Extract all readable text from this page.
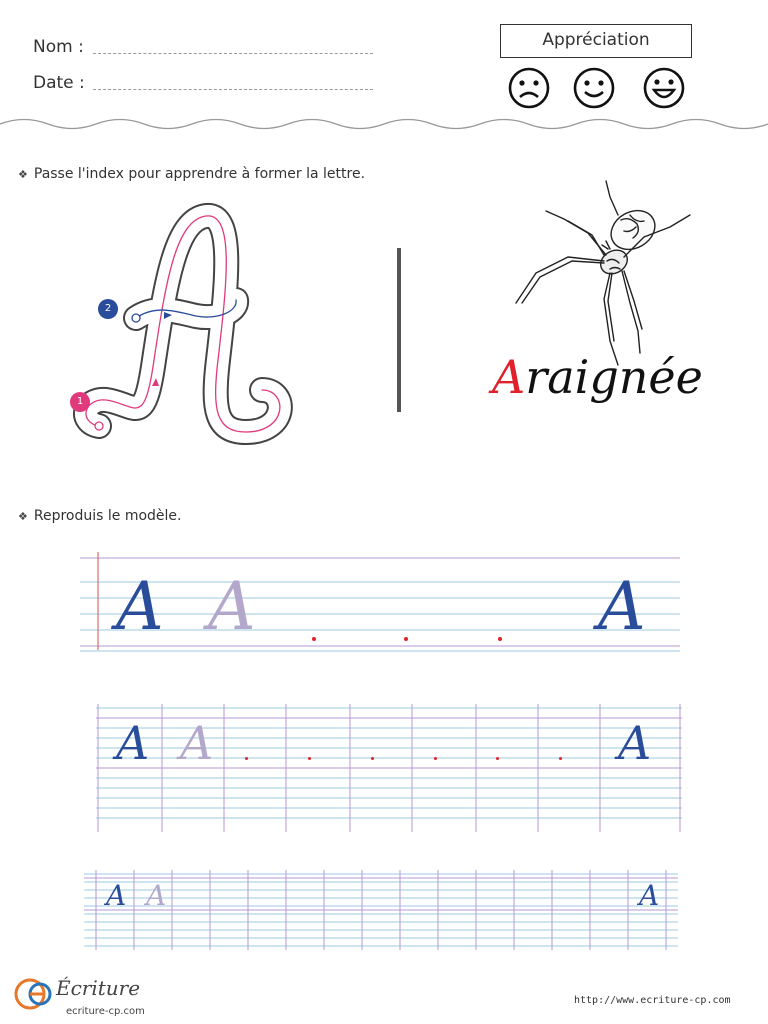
Nom :
Date :
Appréciation
❖ Passe l'index pour apprendre à former la lettre.
1
2
Araignée
❖ Reproduis le modèle.
A A	A
A A	A
A A	A
Écriture
ecriture-cp.com
http://www.ecriture-cp.com
